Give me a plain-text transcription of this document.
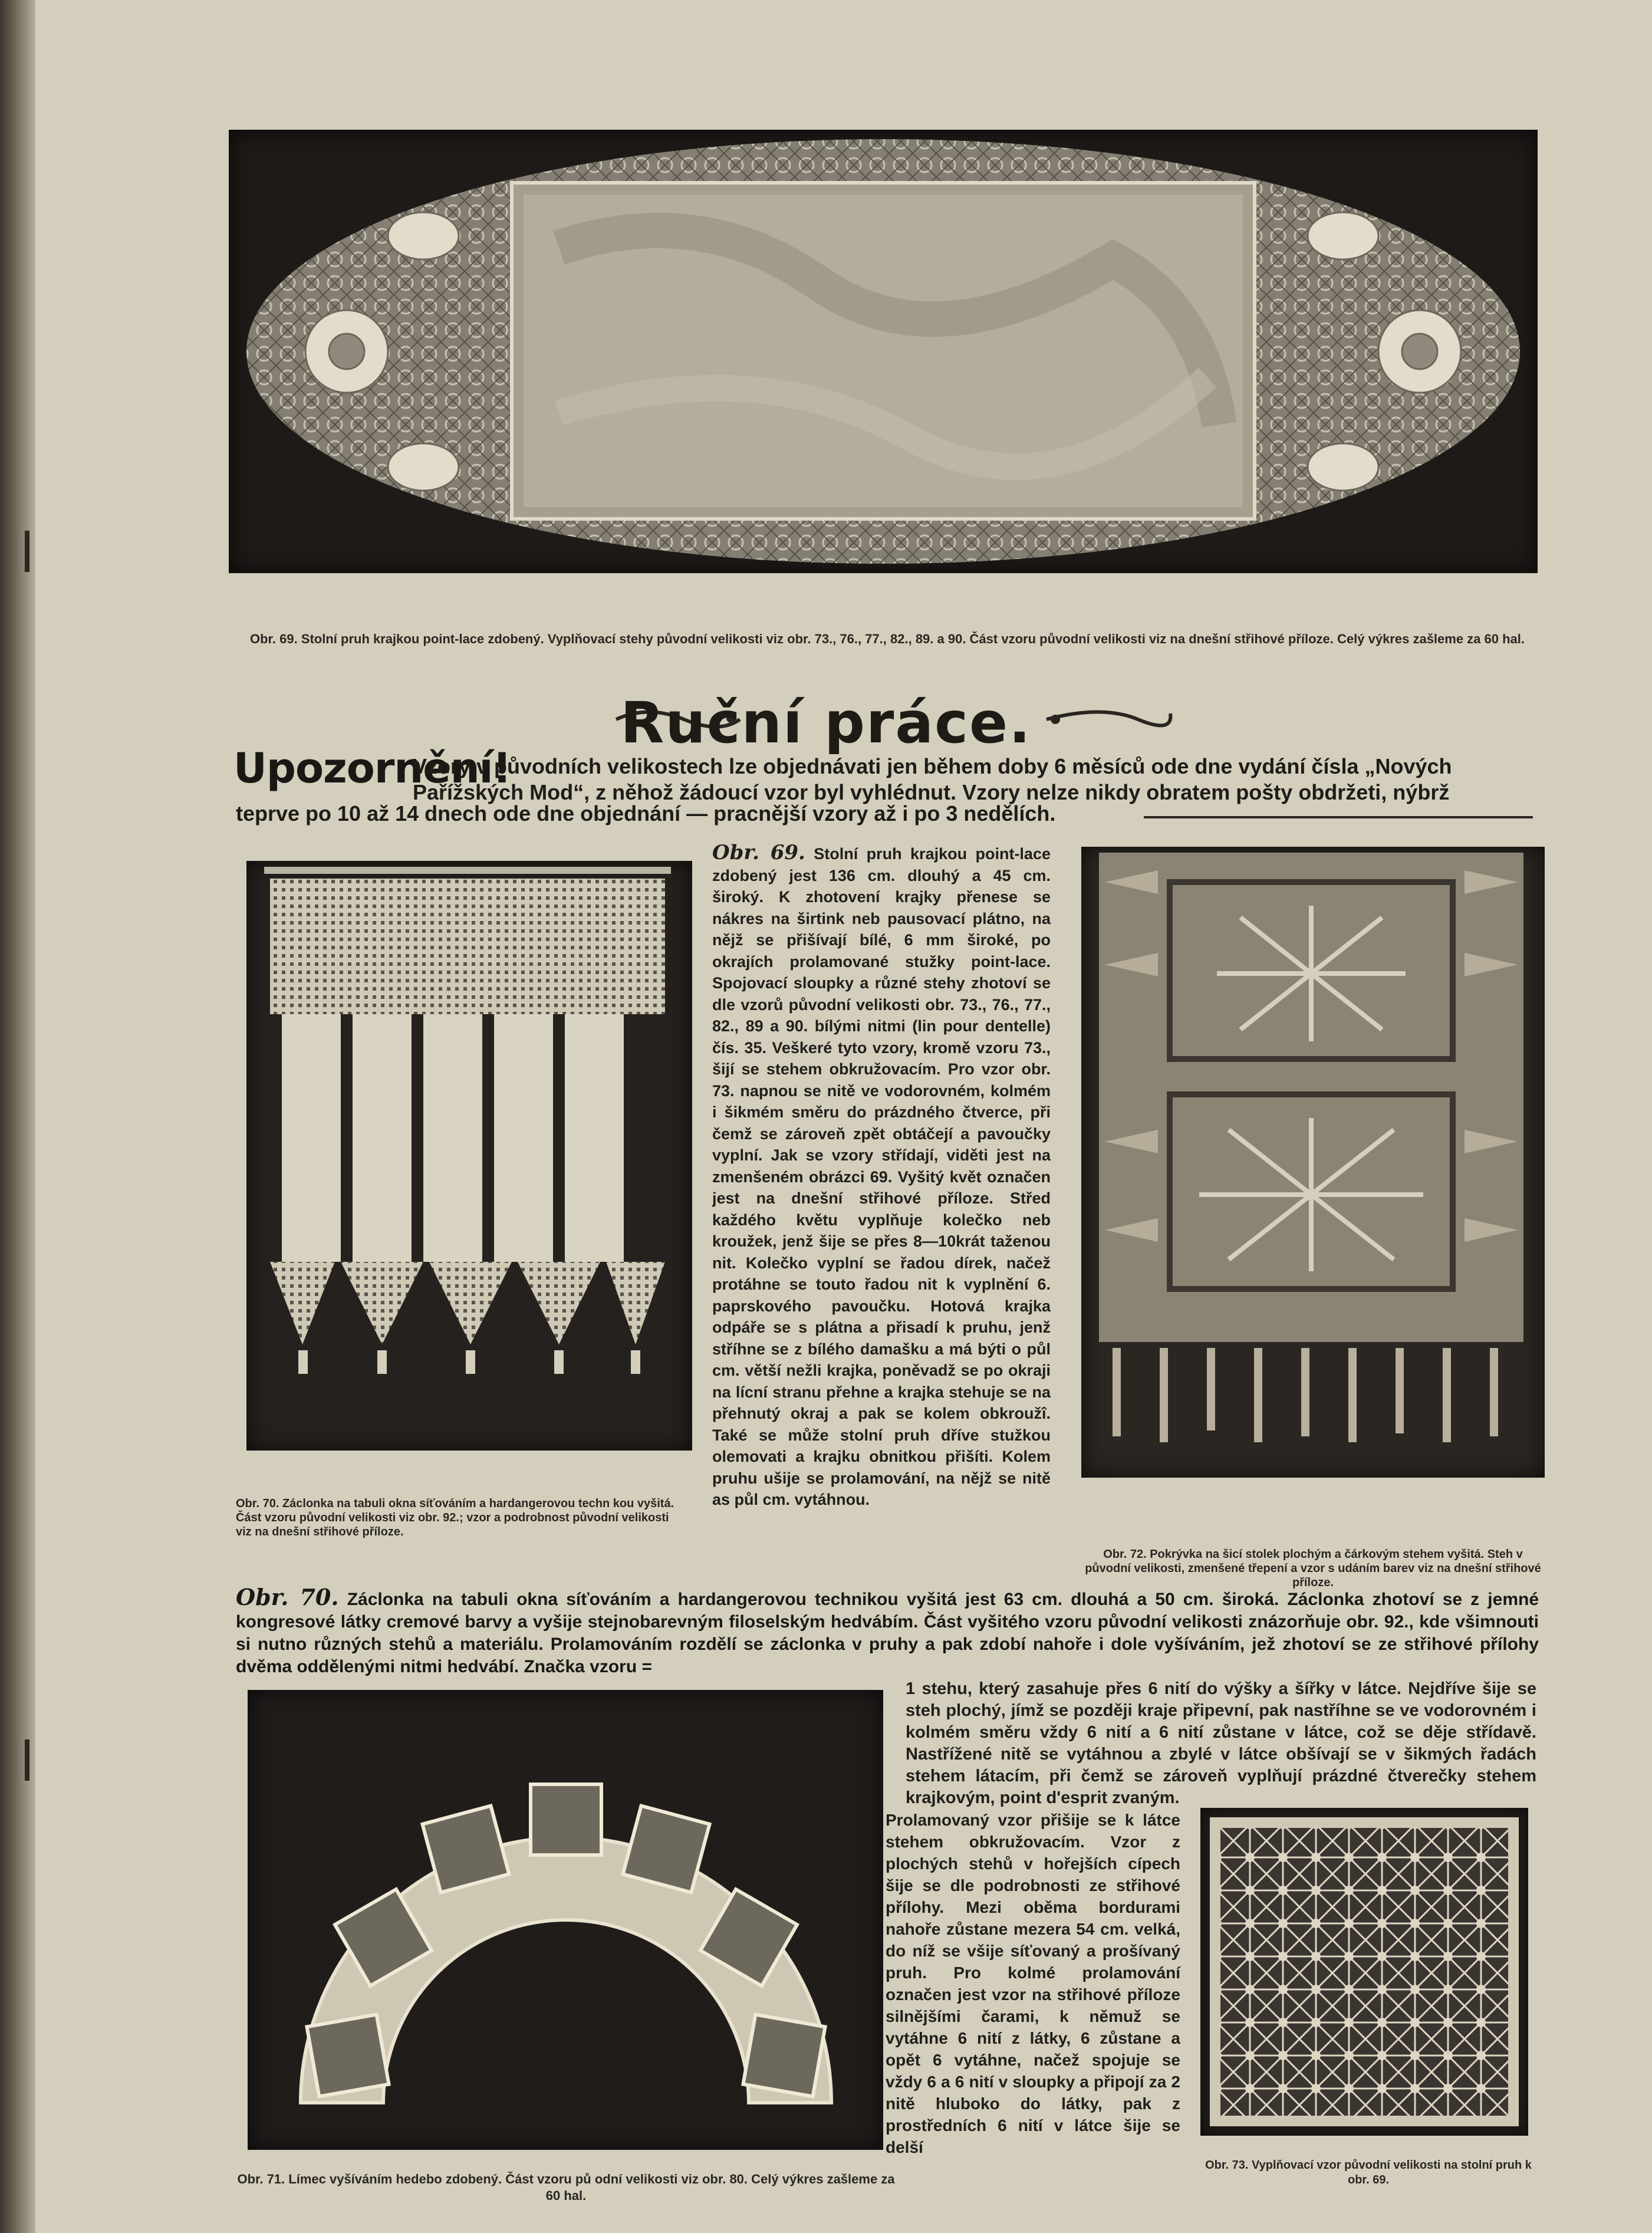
Obr. 69. Stolní pruh krajkou point-lace zdobený. Vyplňovací stehy původní velikosti viz obr. 73., 76., 77., 82., 89. a 90. Část vzoru původní velikosti viz na dnešní střihové příloze. Celý výkres zašleme za 60 hal.
Ruční práce.
Upozornění!
Vzory v původních velikostech lze objednávati jen během doby 6 měsíců ode dne vydání čísla „Nových
Pařížských Mod“, z něhož žádoucí vzor byl vyhlédnut. Vzory nelze nikdy obratem pošty obdržeti, nýbrž
teprve po 10 až 14 dnech ode dne objednání — pracnější vzory až i po 3 nedělích.
Obr. 70. Záclonka na tabuli okna síťováním a hardangerovou techn kou vyšitá. Část vzoru původní velikosti viz obr. 92.; vzor a podrobnost původní velikosti viz na dnešní střihové příloze.
Obr. 69. Stolní pruh krajkou point-lace zdobený jest 136 cm. dlouhý a 45 cm. široký. K zhotovení krajky přenese se nákres na širtink neb pausovací plátno, na nějž se přišívají bílé, 6 mm široké, po okrajích prolamované stužky point-lace. Spojovací sloupky a různé stehy zhotoví se dle vzorů původní velikosti obr. 73., 76., 77., 82., 89 a 90. bílými nitmi (lin pour dentelle) čís. 35. Veškeré tyto vzory, kromě vzoru 73., šijí se stehem obkružovacím. Pro vzor obr. 73. napnou se nitě ve vodorovném, kolmém i šikmém směru do prázdného čtverce, při čemž se zároveň zpět obtáčejí a pavoučky vyplní. Jak se vzory střídají, viděti jest na zmenšeném obrázci 69. Vyšitý květ označen jest na dnešní střihové příloze. Střed každého květu vyplňuje kolečko neb kroužek, jenž šije se přes 8—10krát taženou nit. Kolečko vyplní se řadou dírek, načež protáhne se touto řadou nit k vyplnění 6. paprskového pavoučku. Hotová krajka odpáře se s plátna a přisadí k pruhu, jenž stříhne se z bílého damašku a má býti o půl cm. větší nežli krajka, poněvadž se po okraji na lícní stranu přehne a krajka stehuje se na přehnutý okraj a pak se kolem obkroužî. Také se může stolní pruh dříve stužkou olemovati a krajku obnitkou přišíti. Kolem pruhu ušije se prolamování, na nějž se nitě as půl cm. vytáhnou.
Obr. 72. Pokrývka na šicí stolek plochým a čárkovým stehem vyšitá. Steh v původní velikosti, zmenšené třepení a vzor s udáním barev viz na dnešní střihové příloze.
Obr. 70. Záclonka na tabuli okna síťováním a hardangerovou technikou vyšitá jest 63 cm. dlouhá a 50 cm. široká. Záclonka zhotoví se z jemné kongresové látky cremové barvy a vyšije stejnobarevným filoselským hedvábím. Část vyšitého vzoru původní velikosti znázorňuje obr. 92., kde všimnouti si nutno různých stehů a materiálu. Prolamováním rozdělí se záclonka v pruhy a pak zdobí nahoře i dole vyšíváním, jež zhotoví se ze střihové přílohy dvěma oddělenými nitmi hedvábí. Značka vzoru =
Obr. 71. Límec vyšíváním hedebo zdobený. Část vzoru pů odní velikosti viz obr. 80. Celý výkres zašleme za 60 hal.
1 stehu, který zasahuje přes 6 nití do výšky a šířky v látce. Nejdříve šije se steh plochý, jímž se později kraje připevní, pak nastříhne se ve vodorovném i kolmém směru vždy 6 nití a 6 nití zůstane v látce, což se děje střídavě. Nastřížené nitě se vytáhnou a zbylé v látce obšívají se v šikmých řadách stehem látacím, při čemž se zároveň vyplňují prázdné čtverečky stehem krajkovým, point d'esprit zvaným.
Prolamovaný vzor přišije se k látce stehem obkružovacím. Vzor z plochých stehů v hořejších cípech šije se dle podrobnosti ze střihové přílohy. Mezi oběma bordurami nahoře zůstane mezera 54 cm. velká, do níž se všije síťovaný a prošívaný pruh. Pro kolmé prolamování označen jest vzor na střihové příloze silnějšími čarami, k němuž se vytáhne 6 nití z látky, 6 zůstane a opět 6 vytáhne, načež spojuje se vždy 6 a 6 nití v sloupky a připojí za 2 nitě hluboko do látky, pak z prostředních 6 nití v látce šije se delší
Obr. 73. Vyplňovací vzor původní velikosti na stolní pruh k obr. 69.
